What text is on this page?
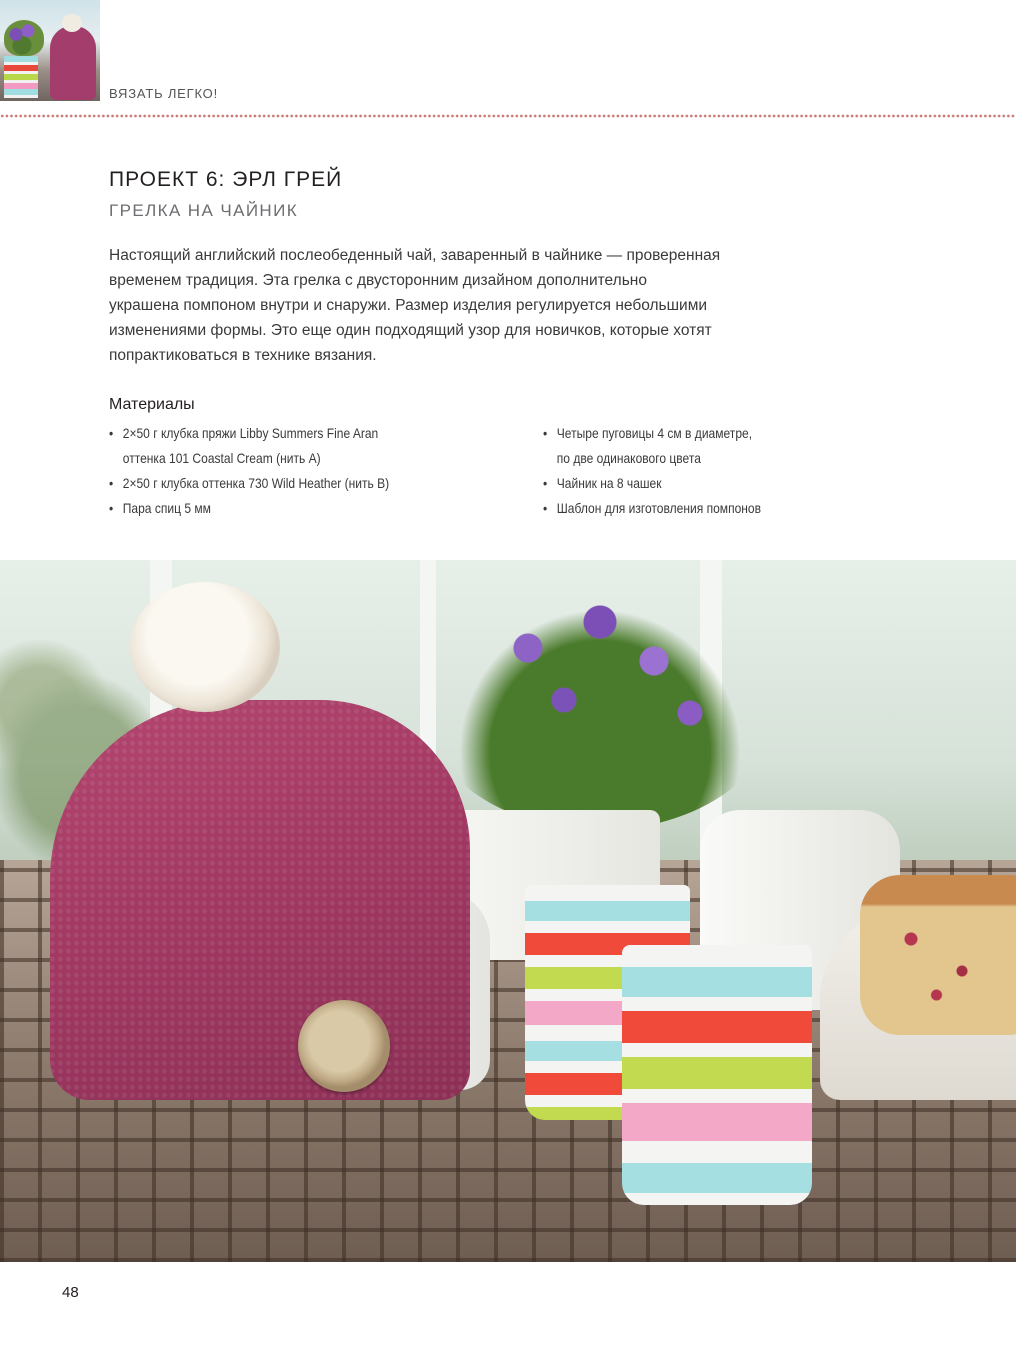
ВЯЗАТЬ ЛЕГКО!
ПРОЕКТ 6: ЭРЛ ГРЕЙ
ГРЕЛКА НА ЧАЙНИК

Настоящий английский послеобеденный чай, заваренный в чайнике — проверенная
временем традиция. Эта грелка с двусторонним дизайном дополнительно
украшена помпоном внутри и снаружи. Размер изделия регулируется небольшими
изменениями формы. Это еще один подходящий узор для новичков, которые хотят
попрактиковаться в технике вязания.

Материалы
• 2×50 г клубка пряжи Libby Summers Fine Aran
оттенка 101 Coastal Cream (нить А)
• 2×50 г клубка оттенка 730 Wild Heather (нить В)
• Пара спиц 5 мм
• Четыре пуговицы 4 см в диаметре,
по две одинакового цвета
• Чайник на 8 чашек
• Шаблон для изготовления помпонов
48
